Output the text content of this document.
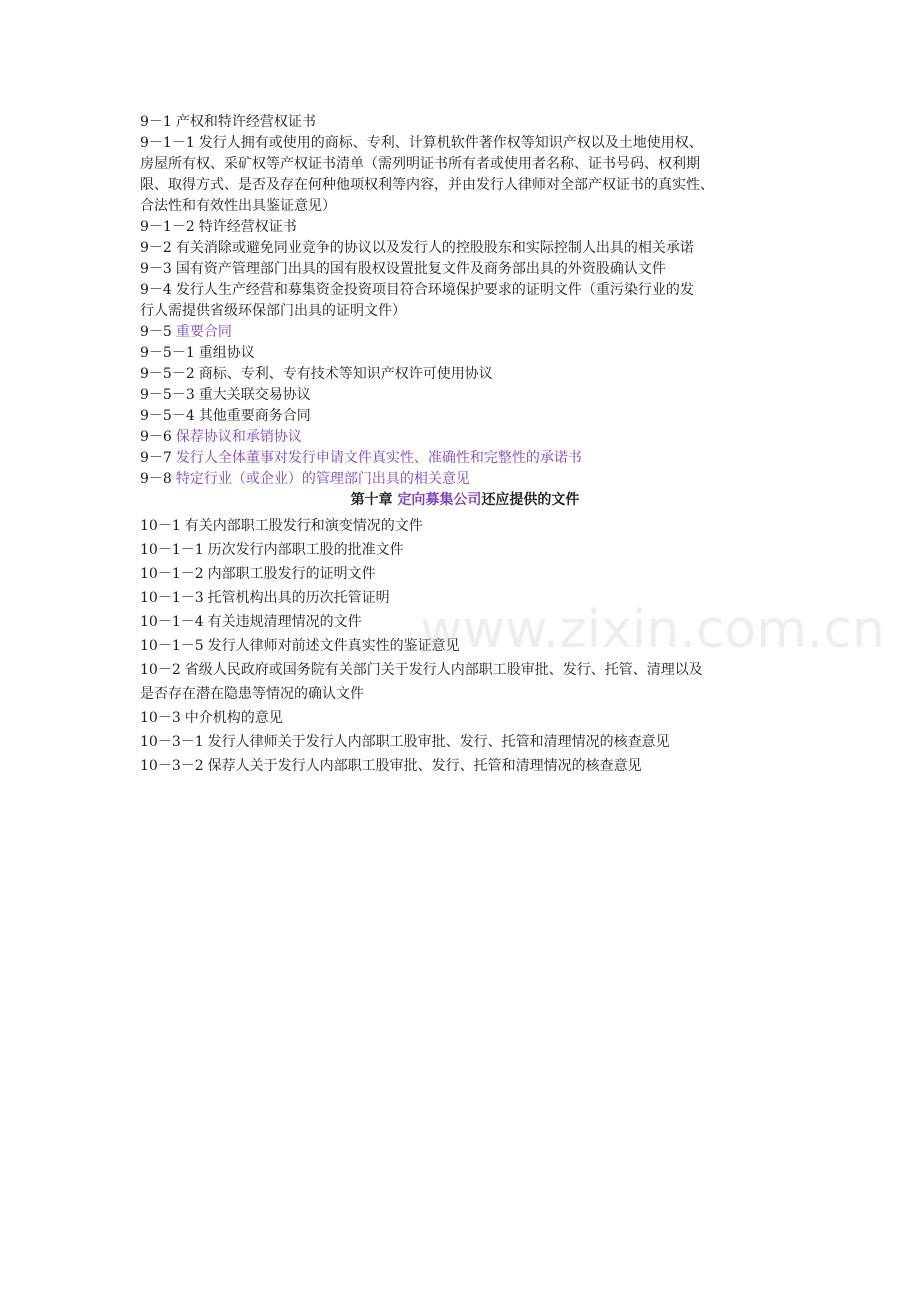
9－1 产权和特许经营权证书

9－1－1 发行人拥有或使用的商标、专利、计算机软件著作权等知识产权以及土地使用权、

房屋所有权、采矿权等产权证书清单（需列明证书所有者或使用者名称、证书号码、权利期

限、取得方式、是否及存在何种他项权利等内容，并由发行人律师对全部产权证书的真实性、

合法性和有效性出具鉴证意见）

9－1－2 特许经营权证书

9－2 有关消除或避免同业竞争的协议以及发行人的控股股东和实际控制人出具的相关承诺

9－3 国有资产管理部门出具的国有股权设置批复文件及商务部出具的外资股确认文件

9－4 发行人生产经营和募集资金投资项目符合环境保护要求的证明文件（重污染行业的发

行人需提供省级环保部门出具的证明文件）

9－5 重要合同

9－5－1 重组协议

9－5－2 商标、专利、专有技术等知识产权许可使用协议

9－5－3 重大关联交易协议

9－5－4 其他重要商务合同

9－6 保荐协议和承销协议

9－7 发行人全体董事对发行申请文件真实性、准确性和完整性的承诺书

9－8 特定行业（或企业）的管理部门出具的相关意见

第十章 定向募集公司还应提供的文件

10－1 有关内部职工股发行和演变情况的文件

10－1－1 历次发行内部职工股的批准文件

10－1－2 内部职工股发行的证明文件

10－1－3 托管机构出具的历次托管证明

10－1－4 有关违规清理情况的文件

10－1－5 发行人律师对前述文件真实性的鉴证意见

10－2 省级人民政府或国务院有关部门关于发行人内部职工股审批、发行、托管、清理以及

是否存在潜在隐患等情况的确认文件

10－3 中介机构的意见

10－3－1 发行人律师关于发行人内部职工股审批、发行、托管和清理情况的核查意见

10－3－2 保荐人关于发行人内部职工股审批、发行、托管和清理情况的核查意见

www.zixin.com.cn
